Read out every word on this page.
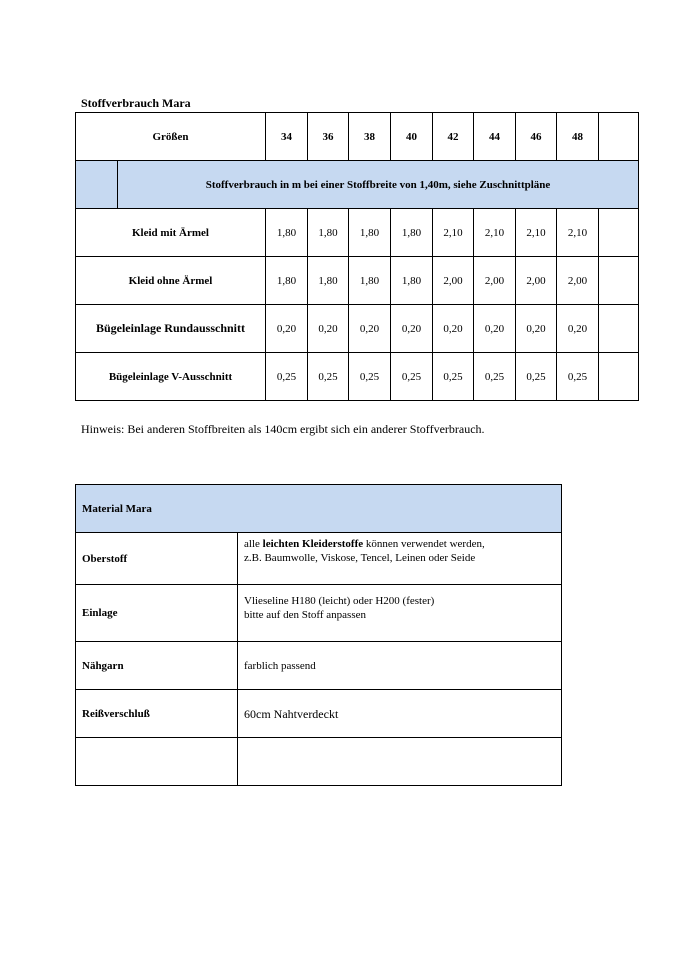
Stoffverbrauch Mara
Größen		34	36	38	40	42	44	46	48	
	Stoffverbrauch in m bei einer Stoffbreite von 1,40m, siehe Zuschnittpläne									
Kleid mit Ärmel		1,80	1,80	1,80	1,80	2,10	2,10	2,10	2,10	
Kleid ohne Ärmel		1,80	1,80	1,80	1,80	2,00	2,00	2,00	2,00	
Bügeleinlage Rundausschnitt		0,20	0,20	0,20	0,20	0,20	0,20	0,20	0,20	
Bügeleinlage V-Ausschnitt		0,25	0,25	0,25	0,25	0,25	0,25	0,25	0,25	
Hinweis: Bei anderen Stoffbreiten als 140cm ergibt sich ein anderer Stoffverbrauch.
Material Mara	
Oberstoff	alle leichten Kleiderstoffe können verwendet werden,
z.B. Baumwolle, Viskose, Tencel, Leinen oder Seide

Einlage	Vlieseline H180 (leicht) oder H200 (fester)
bitte auf den Stoff anpassen

Nähgarn	farblich passend
Reißverschluß	60cm Nahtverdeckt
